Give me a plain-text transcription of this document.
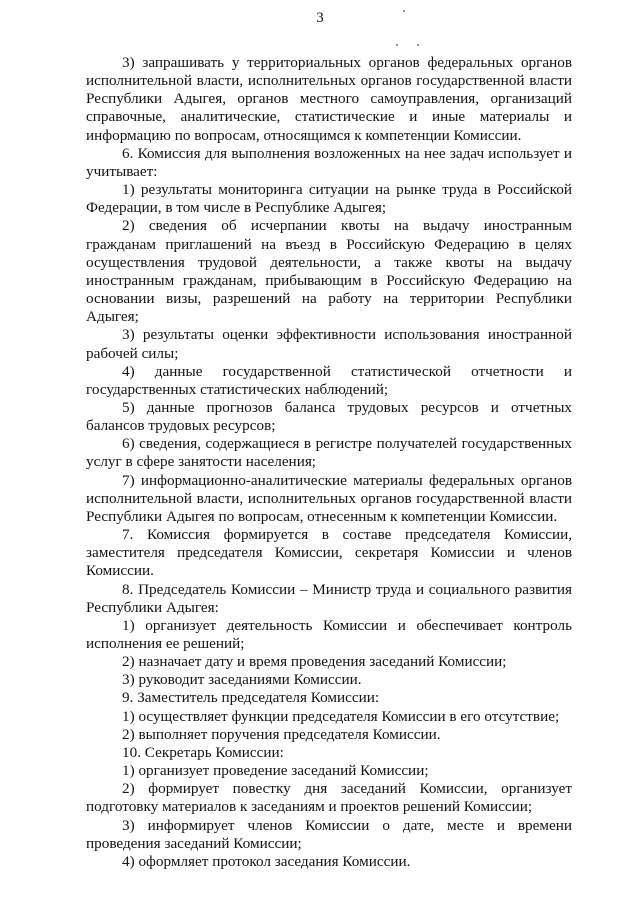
3

3) запрашивать у территориальных органов федеральных органов исполнительной власти, исполнительных органов государственной власти Республики Адыгея, органов местного самоуправления, организаций справочные, аналитические, статистические и иные материалы и информацию по вопросам, относящимся к компетенции Комиссии.

6. Комиссия для выполнения возложенных на нее задач использует и учитывает:

1) результаты мониторинга ситуации на рынке труда в Российской Федерации, в том числе в Республике Адыгея;

2) сведения об исчерпании квоты на выдачу иностранным гражданам приглашений на въезд в Российскую Федерацию в целях осуществления трудовой деятельности, а также квоты на выдачу иностранным гражданам, прибывающим в Российскую Федерацию на основании визы, разрешений на работу на территории Республики Адыгея;

3) результаты оценки эффективности использования иностранной рабочей силы;

4) данные государственной статистической отчетности и государственных статистических наблюдений;

5) данные прогнозов баланса трудовых ресурсов и отчетных балансов трудовых ресурсов;

6) сведения, содержащиеся в регистре получателей государственных услуг в сфере занятости населения;

7) информационно-аналитические материалы федеральных органов исполнительной власти, исполнительных органов государственной власти Республики Адыгея по вопросам, отнесенным к компетенции Комиссии.

7. Комиссия формируется в составе председателя Комиссии, заместителя председателя Комиссии, секретаря Комиссии и членов Комиссии.

8. Председатель Комиссии – Министр труда и социального развития Республики Адыгея:

1) организует деятельность Комиссии и обеспечивает контроль исполнения ее решений;

2) назначает дату и время проведения заседаний Комиссии;

3) руководит заседаниями Комиссии.

9. Заместитель председателя Комиссии:

1) осуществляет функции председателя Комиссии в его отсутствие;

2) выполняет поручения председателя Комиссии.

10. Секретарь Комиссии:

1) организует проведение заседаний Комиссии;

2) формирует повестку дня заседаний Комиссии, организует подготовку материалов к заседаниям и проектов решений Комиссии;

3) информирует членов Комиссии о дате, месте и времени проведения заседаний Комиссии;

4) оформляет протокол заседания Комиссии.
